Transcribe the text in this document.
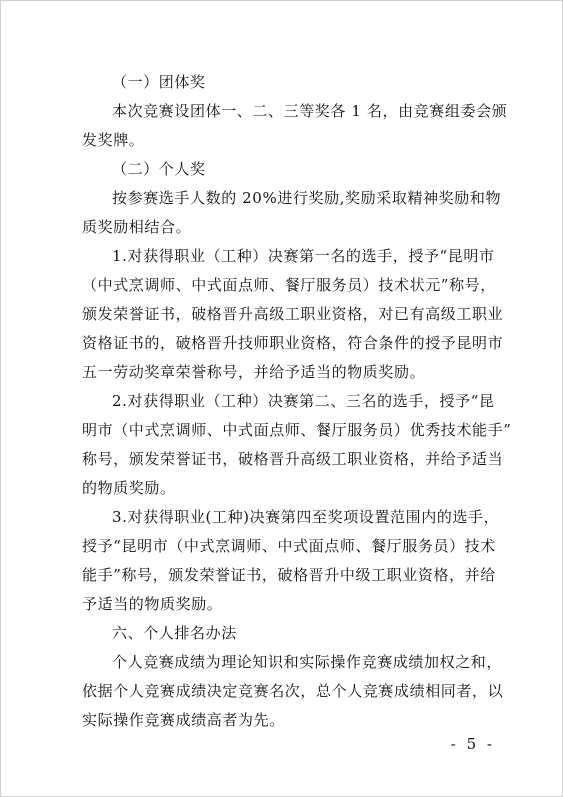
（一）团体奖
本次竞赛设团体一、二、三等奖各 1 名，由竞赛组委会颁
发奖牌。
（二）个人奖
按参赛选手人数的 20%进行奖励,奖励采取精神奖励和物
质奖励相结合。
1.对获得职业（工种）决赛第一名的选手，授予“昆明市
（中式烹调师、中式面点师、餐厅服务员）技术状元”称号，
颁发荣誉证书，破格晋升高级工职业资格，对已有高级工职业
资格证书的，破格晋升技师职业资格，符合条件的授予昆明市
五一劳动奖章荣誉称号，并给予适当的物质奖励。
2.对获得职业（工种）决赛第二、三名的选手，授予“昆
明市（中式烹调师、中式面点师、餐厅服务员）优秀技术能手”
称号，颁发荣誉证书，破格晋升高级工职业资格，并给予适当
的物质奖励。
3.对获得职业(工种)决赛第四至奖项设置范围内的选手，
授予“昆明市（中式烹调师、中式面点师、餐厅服务员）技术
能手”称号，颁发荣誉证书，破格晋升中级工职业资格，并给
予适当的物质奖励。
六、个人排名办法
个人竞赛成绩为理论知识和实际操作竞赛成绩加权之和，
依据个人竞赛成绩决定竞赛名次，总个人竞赛成绩相同者，以
实际操作竞赛成绩高者为先。
- 5 -
